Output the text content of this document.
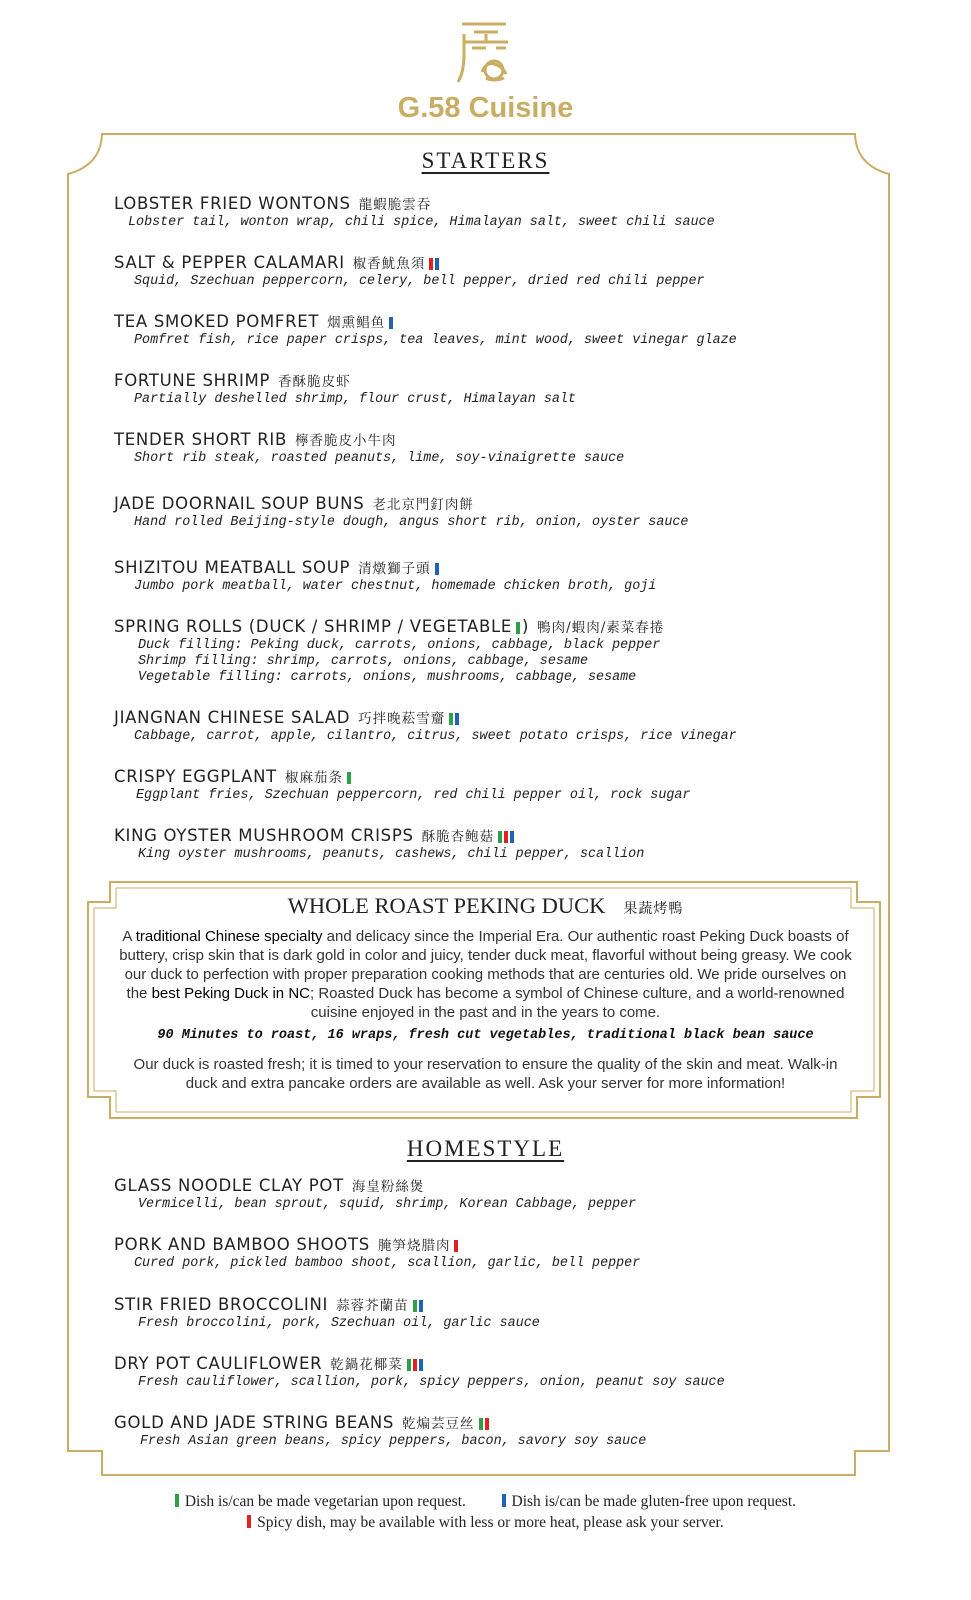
G.58 Cuisine
STARTERS
LOBSTER FRIED WONTONS 龍蝦脆雲吞
Lobster tail, wonton wrap, chili spice, Himalayan salt, sweet chili sauce
SALT & PEPPER CALAMARI 椒香魷魚須
Squid, Szechuan peppercorn, celery, bell pepper, dried red chili pepper
TEA SMOKED POMFRET 烟熏鲳鱼
Pomfret fish, rice paper crisps, tea leaves, mint wood, sweet vinegar glaze
FORTUNE SHRIMP 香酥脆皮虾
Partially deshelled shrimp, flour crust, Himalayan salt
TENDER SHORT RIB 檸香脆皮小牛肉
Short rib steak, roasted peanuts, lime, soy-vinaigrette sauce
JADE DOORNAIL SOUP BUNS 老北京門釘肉餅
Hand rolled Beijing-style dough, angus short rib, onion, oyster sauce
SHIZITOU MEATBALL SOUP 清燉獅子頭
Jumbo pork meatball, water chestnut, homemade chicken broth, goji
SPRING ROLLS (DUCK / SHRIMP / VEGETABLE ) 鴨肉/蝦肉/素菜春捲
Duck filling: Peking duck, carrots, onions, cabbage, black pepper
Shrimp filling: shrimp, carrots, onions, cabbage, sesame
Vegetable filling: carrots, onions, mushrooms, cabbage, sesame
JIANGNAN CHINESE SALAD 巧拌晚菘雪齏
Cabbage, carrot, apple, cilantro, citrus, sweet potato crisps, rice vinegar
CRISPY EGGPLANT 椒麻茄条
Eggplant fries, Szechuan peppercorn, red chili pepper oil, rock sugar
KING OYSTER MUSHROOM CRISPS 酥脆杏鲍菇
King oyster mushrooms, peanuts, cashews, chili pepper, scallion
WHOLE ROAST PEKING DUCK 果蔬烤鴨
A traditional Chinese specialty and delicacy since the Imperial Era. Our authentic roast Peking Duck boasts of buttery, crisp skin that is dark gold in color and juicy, tender duck meat, flavorful without being greasy. We cook our duck to perfection with proper preparation cooking methods that are centuries old. We pride ourselves on the best Peking Duck in NC; Roasted Duck has become a symbol of Chinese culture, and a world-renowned cuisine enjoyed in the past and in the years to come.
90 Minutes to roast, 16 wraps, fresh cut vegetables, traditional black bean sauce
Our duck is roasted fresh; it is timed to your reservation to ensure the quality of the skin and meat. Walk-in duck and extra pancake orders are available as well. Ask your server for more information!
HOMESTYLE
GLASS NOODLE CLAY POT 海皇粉絲煲
Vermicelli, bean sprout, squid, shrimp, Korean Cabbage, pepper
PORK AND BAMBOO SHOOTS 腌笋烧腊肉
Cured pork, pickled bamboo shoot, scallion, garlic, bell pepper
STIR FRIED BROCCOLINI 蒜蓉芥蘭苗
Fresh broccolini, pork, Szechuan oil, garlic sauce
DRY POT CAULIFLOWER 乾鍋花椰菜
Fresh cauliflower, scallion, pork, spicy peppers, onion, peanut soy sauce
GOLD AND JADE STRING BEANS 乾煸芸豆丝
Fresh Asian green beans, spicy peppers, bacon, savory soy sauce
Dish is/can be made vegetarian upon request.	Dish is/can be made gluten-free upon request.
Spicy dish, may be available with less or more heat, please ask your server.
